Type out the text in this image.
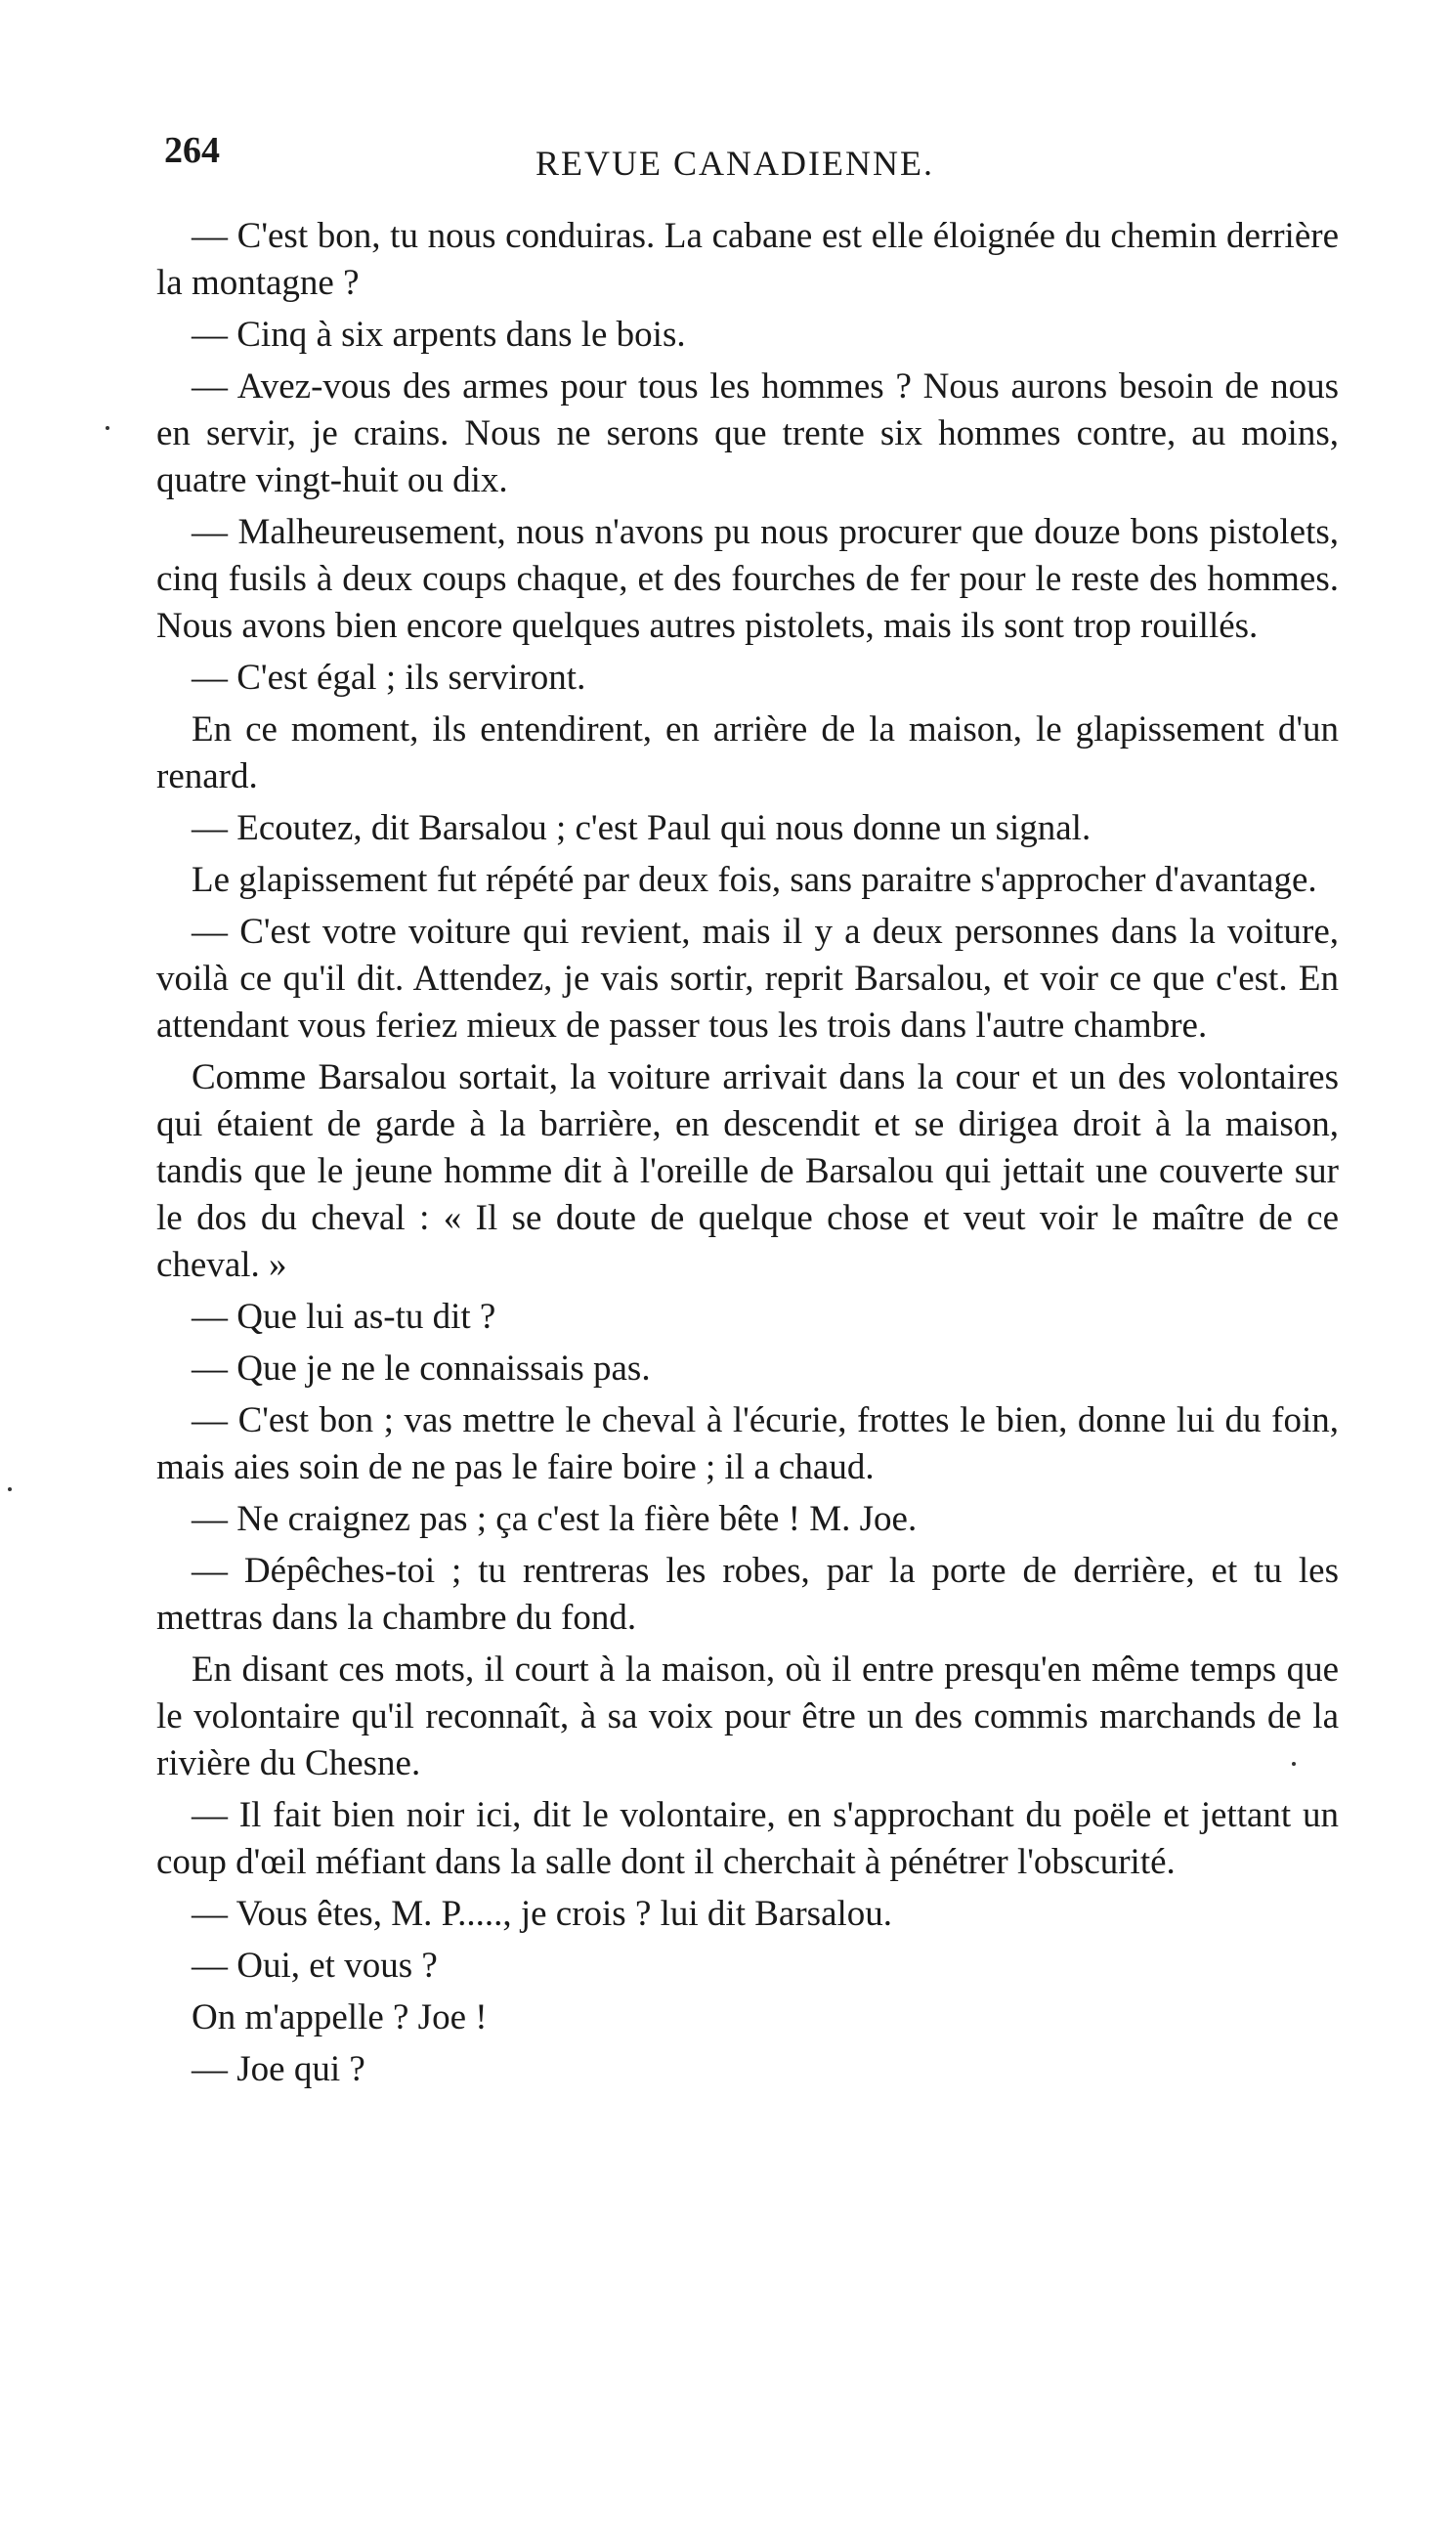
264	REVUE CANADIENNE.

— C'est bon, tu nous conduiras. La cabane est elle éloignée du chemin derrière la montagne ?

— Cinq à six arpents dans le bois.

— Avez-vous des armes pour tous les hommes ? Nous aurons besoin de nous en servir, je crains. Nous ne serons que trente six hommes contre, au moins, quatre vingt-huit ou dix.

— Malheureusement, nous n'avons pu nous procurer que douze bons pistolets, cinq fusils à deux coups chaque, et des fourches de fer pour le reste des hommes. Nous avons bien encore quelques autres pistolets, mais ils sont trop rouillés.

— C'est égal ; ils serviront.

En ce moment, ils entendirent, en arrière de la maison, le glapissement d'un renard.

— Ecoutez, dit Barsalou ; c'est Paul qui nous donne un signal.

Le glapissement fut répété par deux fois, sans paraitre s'approcher d'avantage.

— C'est votre voiture qui revient, mais il y a deux personnes dans la voiture, voilà ce qu'il dit. Attendez, je vais sortir, reprit Barsalou, et voir ce que c'est. En attendant vous feriez mieux de passer tous les trois dans l'autre chambre.

Comme Barsalou sortait, la voiture arrivait dans la cour et un des volontaires qui étaient de garde à la barrière, en descendit et se dirigea droit à la maison, tandis que le jeune homme dit à l'oreille de Barsalou qui jettait une couverte sur le dos du cheval : « Il se doute de quelque chose et veut voir le maître de ce cheval. »

— Que lui as-tu dit ?

— Que je ne le connaissais pas.

— C'est bon ; vas mettre le cheval à l'écurie, frottes le bien, donne lui du foin, mais aies soin de ne pas le faire boire ; il a chaud.

— Ne craignez pas ; ça c'est la fière bête ! M. Joe.

— Dépêches-toi ; tu rentreras les robes, par la porte de derrière, et tu les mettras dans la chambre du fond.

En disant ces mots, il court à la maison, où il entre presqu'en même temps que le volontaire qu'il reconnaît, à sa voix pour être un des commis marchands de la rivière du Chesne.

— Il fait bien noir ici, dit le volontaire, en s'approchant du poële et jettant un coup d'œil méfiant dans la salle dont il cherchait à pénétrer l'obscurité.

— Vous êtes, M. P....., je crois ? lui dit Barsalou.

— Oui, et vous ?

On m'appelle ? Joe !

— Joe qui ?
